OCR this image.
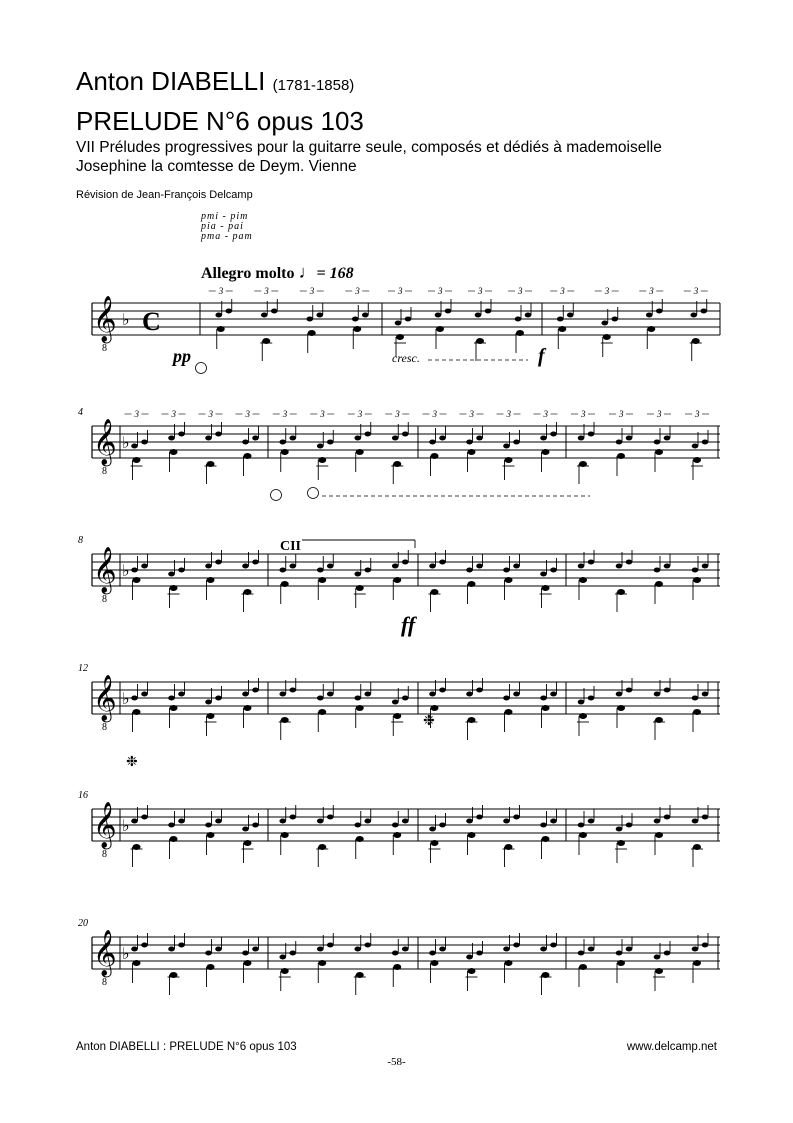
Anton DIABELLI (1781-1858)
PRELUDE N°6 opus 103
VII Préludes progressives pour la guitarre seule, composés et dédiés à mademoiselle Josephine la comtesse de Deym. Vienne
Révision de Jean-François Delcamp
pmi - pim
pia - pai
pma - pam
Allegro molto ♩= 168
𝄞
8
♭ C
3	3	3	3	3	3	3	3	3	3	3	3
𝄞
8
♭
4	3	3	3	3	3	3	3	3	3	3	3	3	3	3	3	3
𝄞
8
♭
8
𝄞
8
♭
12
𝄞
8
♭
16
𝄞
8
♭
20
pp	cresc.	f
CII
ff
❉
❉
Anton DIABELLI : PRELUDE N°6 opus 103	www.delcamp.net
-58-
